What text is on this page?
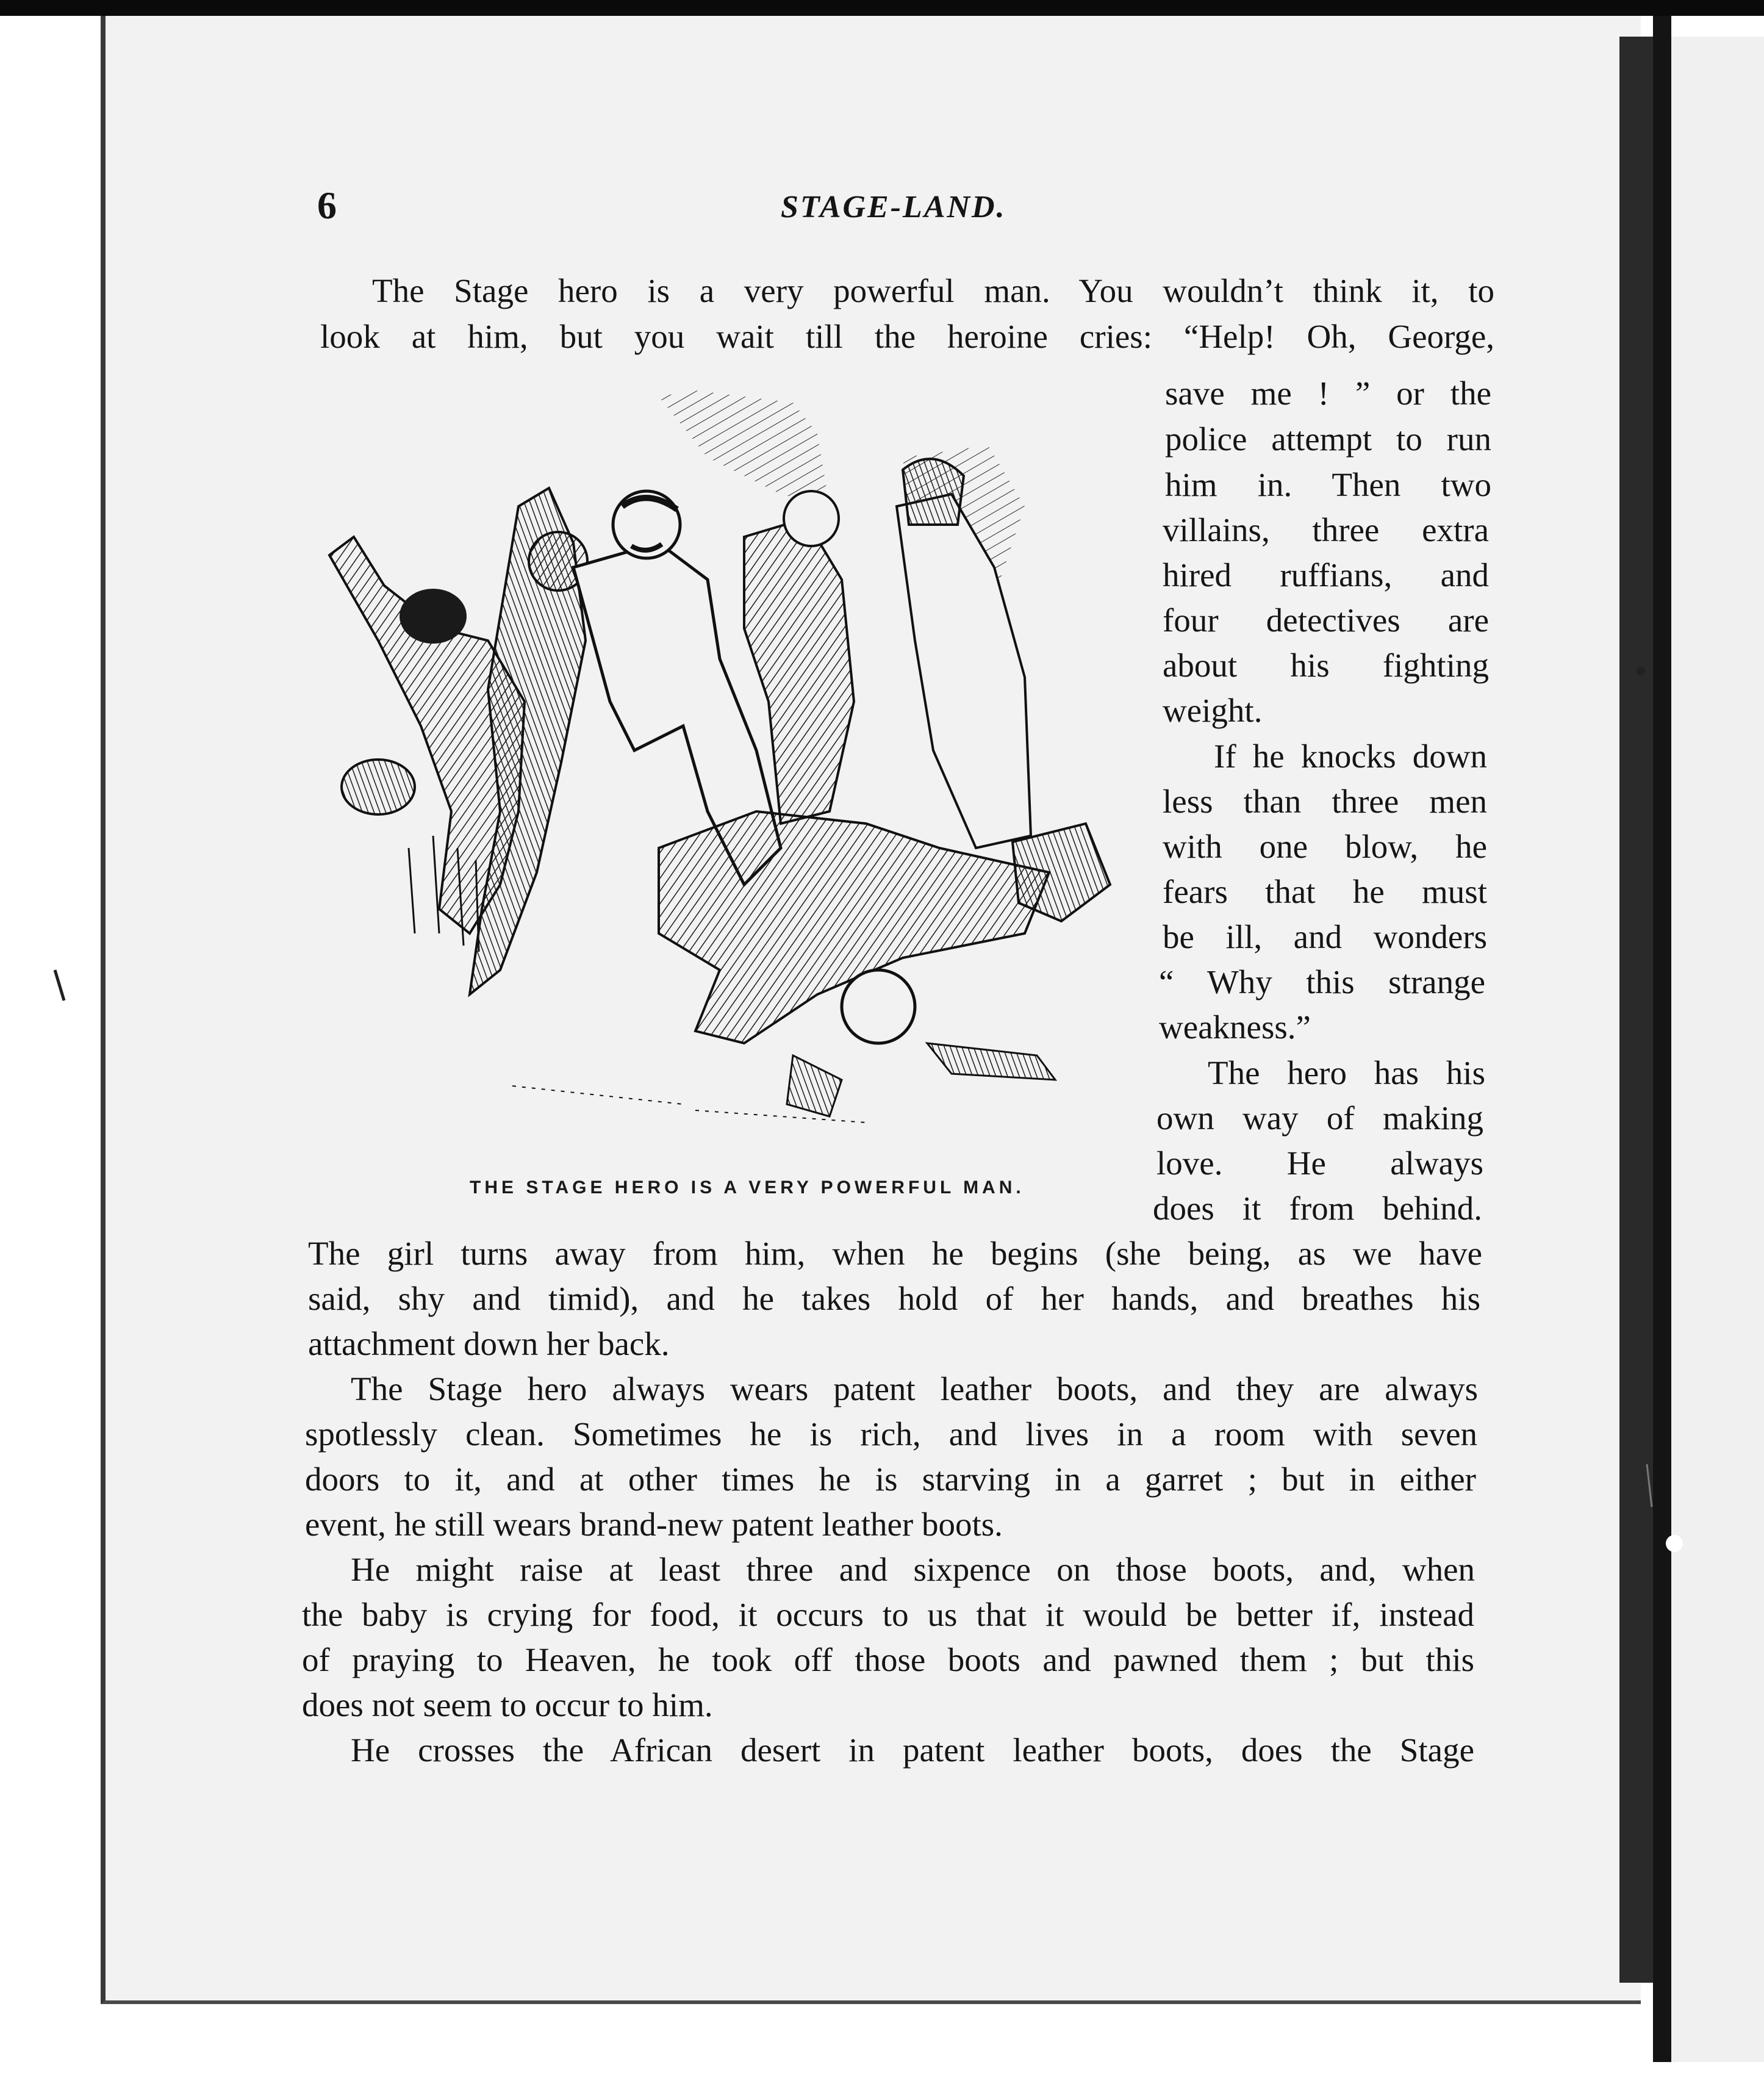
6	STAGE-LAND.
The Stage hero is a very powerful man. You wouldn’t think it, to
look at him, but you wait till the heroine cries: “Help! Oh, George,
save me ! ” or the
police attempt to run
him in. Then two
villains, three extra
hired ruffians, and
four detectives are
about his fighting
weight.
If he knocks down
less than three men
with one blow, he
fears that he must
be ill, and wonders
“ Why this strange
weakness.”
The hero has his
own way of making
love. He always
does it from behind.
The girl turns away from him, when he begins (she being, as we have
said, shy and timid), and he takes hold of her hands, and breathes his
attachment down her back.
The Stage hero always wears patent leather boots, and they are always
spotlessly clean. Sometimes he is rich, and lives in a room with seven
doors to it, and at other times he is starving in a garret ; but in either
event, he still wears brand-new patent leather boots.
He might raise at least three and sixpence on those boots, and, when
the baby is crying for food, it occurs to us that it would be better if, instead
of praying to Heaven, he took off those boots and pawned them ; but this
does not seem to occur to him.
He crosses the African desert in patent leather boots, does the Stage
THE STAGE HERO IS A VERY POWERFUL MAN.
